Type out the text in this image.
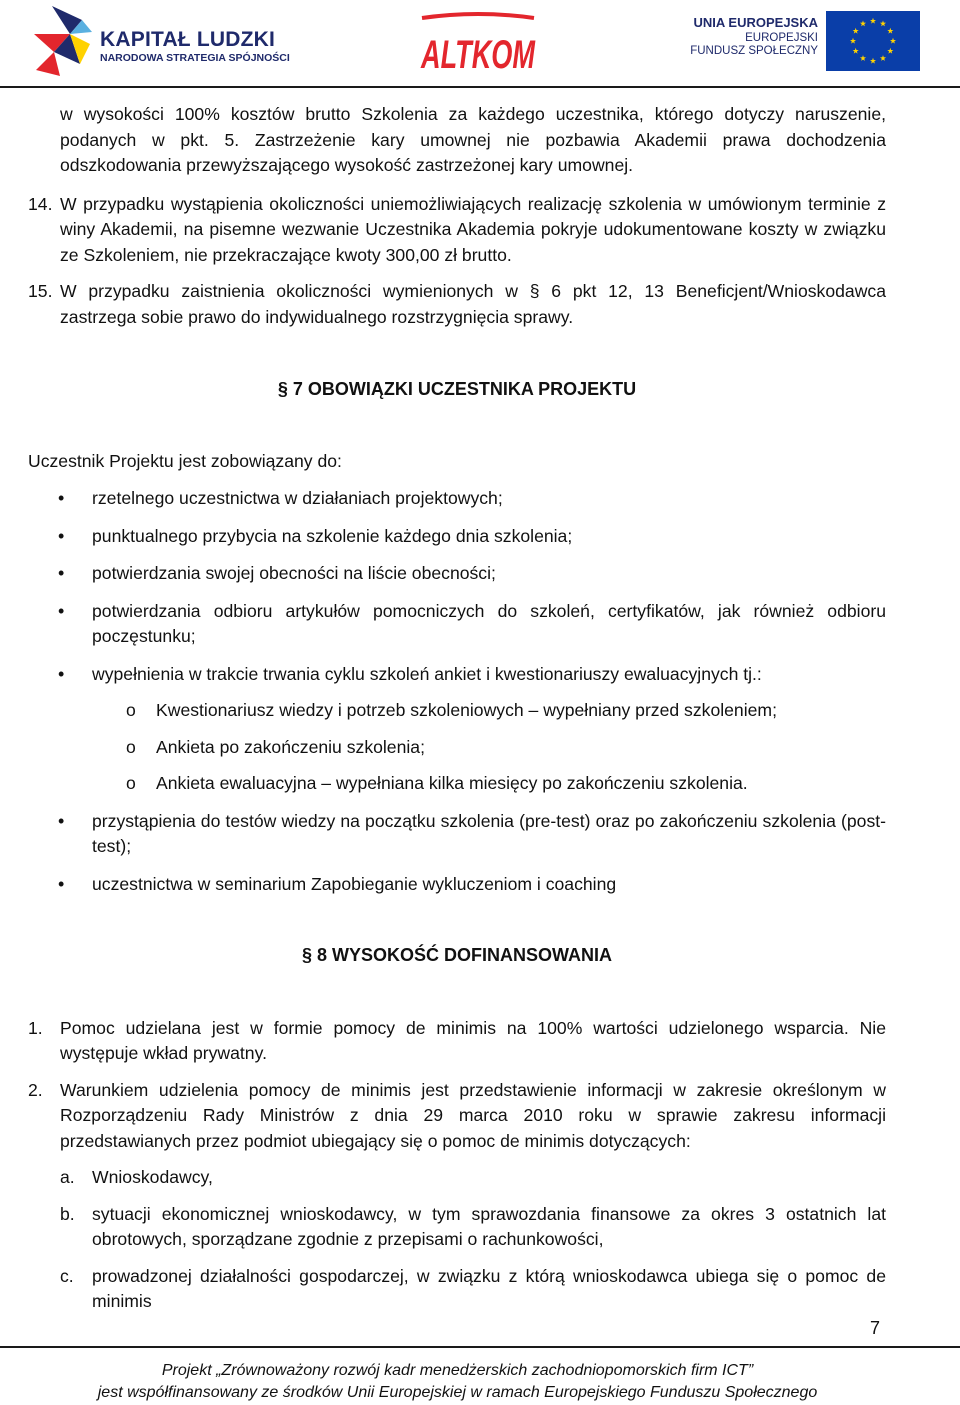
KAPITAŁ LUDZKI
NARODOWA STRATEGIA SPÓJNOŚCI	ALTKOM
UNIA EUROPEJSKA
EUROPEJSKI
FUNDUSZ SPOŁECZNY

w wysokości 100% kosztów brutto Szkolenia za każdego uczestnika, którego dotyczy naruszenie, podanych w pkt. 5. Zastrzeżenie kary umownej nie pozbawia Akademii prawa dochodzenia odszkodowania przewyższającego wysokość zastrzeżonej kary umownej.

14. W przypadku wystąpienia okoliczności uniemożliwiających realizację szkolenia w umówionym terminie z winy Akademii, na pisemne wezwanie Uczestnika Akademia pokryje udokumentowane koszty w związku ze Szkoleniem, nie przekraczające kwoty 300,00 zł brutto.
15. W przypadku zaistnienia okoliczności wymienionych w § 6 pkt 12, 13 Beneficjent/Wnioskodawca zastrzega sobie prawo do indywidualnego rozstrzygnięcia sprawy.
§ 7 OBOWIĄZKI UCZESTNIKA PROJEKTU

Uczestnik Projektu jest zobowiązany do:

• rzetelnego uczestnictwa w działaniach projektowych;
• punktualnego przybycia na szkolenie każdego dnia szkolenia;
• potwierdzania swojej obecności na liście obecności;
• potwierdzania odbioru artykułów pomocniczych do szkoleń, certyfikatów, jak również odbioru poczęstunku;
• wypełnienia w trakcie trwania cyklu szkoleń ankiet i kwestionariuszy ewaluacyjnych tj.:
o Kwestionariusz wiedzy i potrzeb szkoleniowych – wypełniany przed szkoleniem;
o Ankieta po zakończeniu szkolenia;
o Ankieta ewaluacyjna – wypełniana kilka miesięcy po zakończeniu szkolenia.
• przystąpienia do testów wiedzy na początku szkolenia (pre-test) oraz po zakończeniu szkolenia (post-test);
• uczestnictwa w seminarium Zapobieganie wykluczeniom i coaching
§ 8 WYSOKOŚĆ DOFINANSOWANIA
1. Pomoc udzielana jest w formie pomocy de minimis na 100% wartości udzielonego wsparcia. Nie występuje wkład prywatny.
2. Warunkiem udzielenia pomocy de minimis jest przedstawienie informacji w zakresie określonym w Rozporządzeniu Rady Ministrów z dnia 29 marca 2010 roku w sprawie zakresu informacji przedstawianych przez podmiot ubiegający się o pomoc de minimis dotyczących:
a. Wnioskodawcy,
b. sytuacji ekonomicznej wnioskodawcy, w tym sprawozdania finansowe za okres 3 ostatnich lat obrotowych, sporządzane zgodnie z przepisami o rachunkowości,
c. prowadzonej działalności gospodarczej, w związku z którą wnioskodawca ubiega się o pomoc de minimis
7
Projekt „Zrównoważony rozwój kadr menedżerskich zachodniopomorskich firm ICT”
jest współfinansowany ze środków Unii Europejskiej w ramach Europejskiego Funduszu Społecznego
